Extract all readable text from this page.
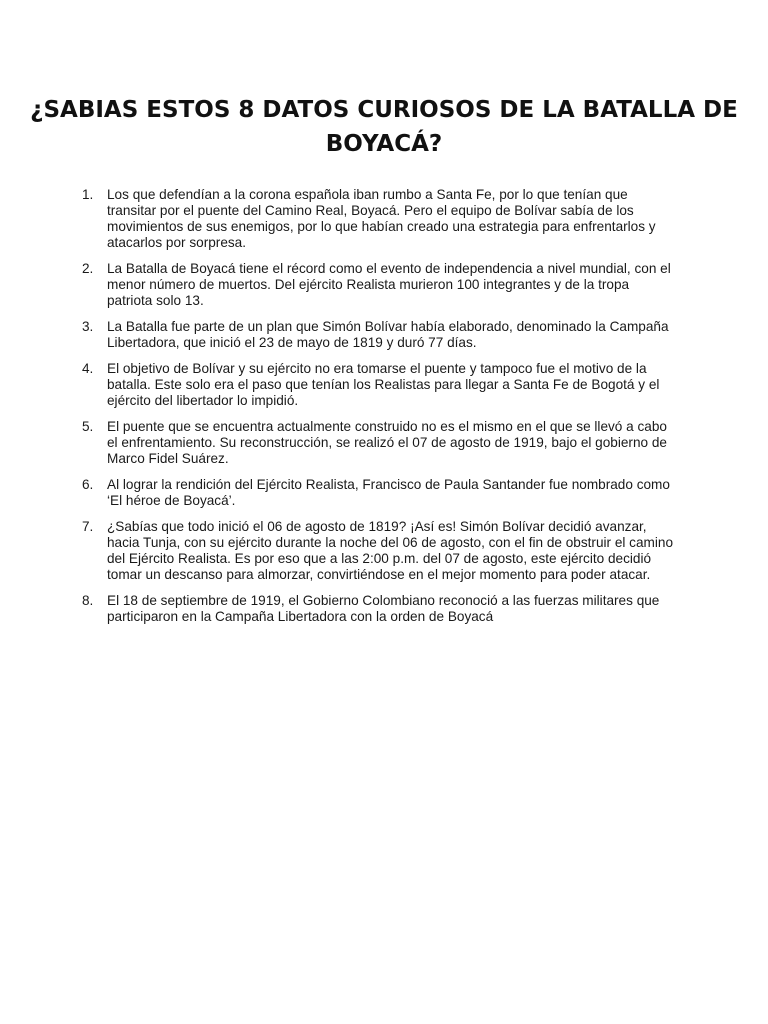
¿SABIAS ESTOS 8 DATOS CURIOSOS DE LA BATALLA DE BOYACÁ?
1.	Los que defendían a la corona española iban rumbo a Santa Fe, por lo que tenían que transitar por el puente del Camino Real, Boyacá. Pero el equipo de Bolívar sabía de los movimientos de sus enemigos, por lo que habían creado una estrategia para enfrentarlos y atacarlos por sorpresa.
2.	La Batalla de Boyacá tiene el récord como el evento de independencia a nivel mundial, con el menor número de muertos. Del ejército Realista murieron 100 integrantes y de la tropa patriota solo 13.
3.	La Batalla fue parte de un plan que Simón Bolívar había elaborado, denominado la Campaña Libertadora, que inició el 23 de mayo de 1819 y duró 77 días.
4.	El objetivo de Bolívar y su ejército no era tomarse el puente y tampoco fue el motivo de la batalla. Este solo era el paso que tenían los Realistas para llegar a Santa Fe de Bogotá y el ejército del libertador lo impidió.
5.	El puente que se encuentra actualmente construido no es el mismo en el que se llevó a cabo el enfrentamiento. Su reconstrucción, se realizó el 07 de agosto de 1919, bajo el gobierno de Marco Fidel Suárez.
6.	Al lograr la rendición del Ejército Realista, Francisco de Paula Santander fue nombrado como ‘El héroe de Boyacá’.
7.	¿Sabías que todo inició el 06 de agosto de 1819? ¡Así es! Simón Bolívar decidió avanzar, hacia Tunja, con su ejército durante la noche del 06 de agosto, con el fin de obstruir el camino del Ejército Realista. Es por eso que a las 2:00 p.m. del 07 de agosto, este ejército decidió tomar un descanso para almorzar, convirtiéndose en el mejor momento para poder atacar.
8.	El 18 de septiembre de 1919, el Gobierno Colombiano reconoció a las fuerzas militares que participaron en la Campaña Libertadora con la orden de Boyacá
